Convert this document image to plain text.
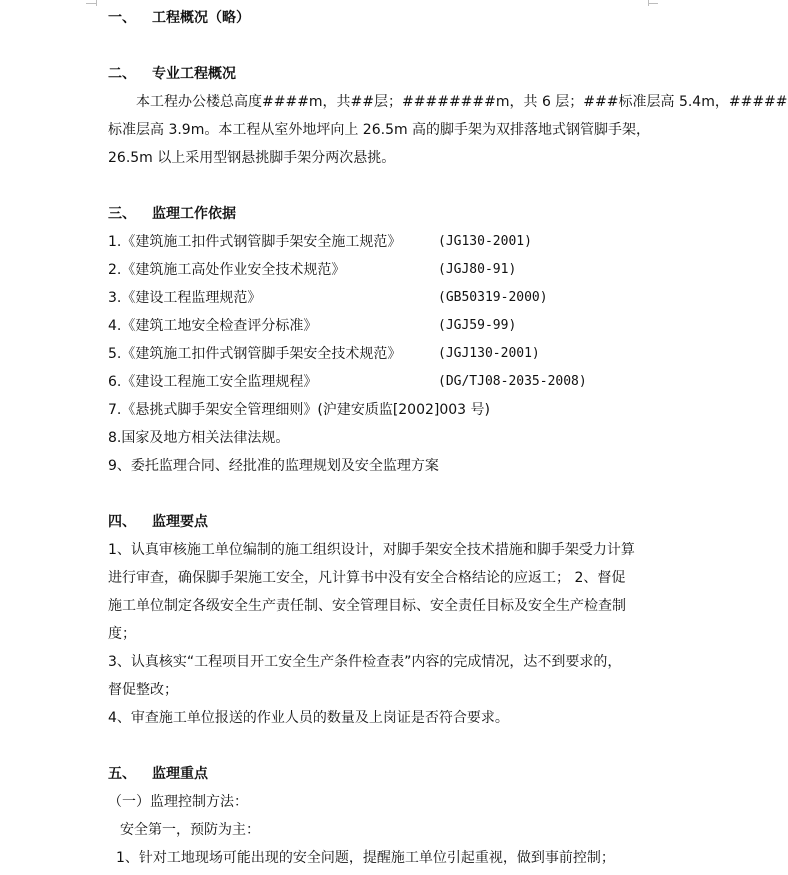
一、 工程概况（略）
二、 专业工程概况
本工程办公楼总高度####m，共##层；########m，共 6 层；###标准层高 5.4m，#####
标准层高 3.9m。本工程从室外地坪向上 26.5m 高的脚手架为双排落地式钢管脚手架，
26.5m 以上采用型钢悬挑脚手架分两次悬挑。
三、 监理工作依据
1.《建筑施工扣件式钢管脚手架安全施工规范》	(JG130-2001)
2.《建筑施工高处作业安全技术规范》	(JGJ80-91)
3.《建设工程监理规范》	(GB50319-2000)
4.《建筑工地安全检查评分标准》	(JGJ59-99)
5.《建筑施工扣件式钢管脚手架安全技术规范》	(JGJ130-2001)
6.《建设工程施工安全监理规程》	(DG/TJ08-2035-2008)
7.《悬挑式脚手架安全管理细则》(沪建安质监[2002]003 号)
8.国家及地方相关法律法规。
9、委托监理合同、经批准的监理规划及安全监理方案
四、 监理要点
1、认真审核施工单位编制的施工组织设计，对脚手架安全技术措施和脚手架受力计算
进行审查，确保脚手架施工安全，凡计算书中没有安全合格结论的应返工； 2、督促
施工单位制定各级安全生产责任制、安全管理目标、安全责任目标及安全生产检查制
度；
3、认真核实“工程项目开工安全生产条件检查表”内容的完成情况，达不到要求的，
督促整改；
4、审查施工单位报送的作业人员的数量及上岗证是否符合要求。
五、 监理重点
（一）监理控制方法：
安全第一，预防为主：
1、针对工地现场可能出现的安全问题，提醒施工单位引起重视，做到事前控制；
